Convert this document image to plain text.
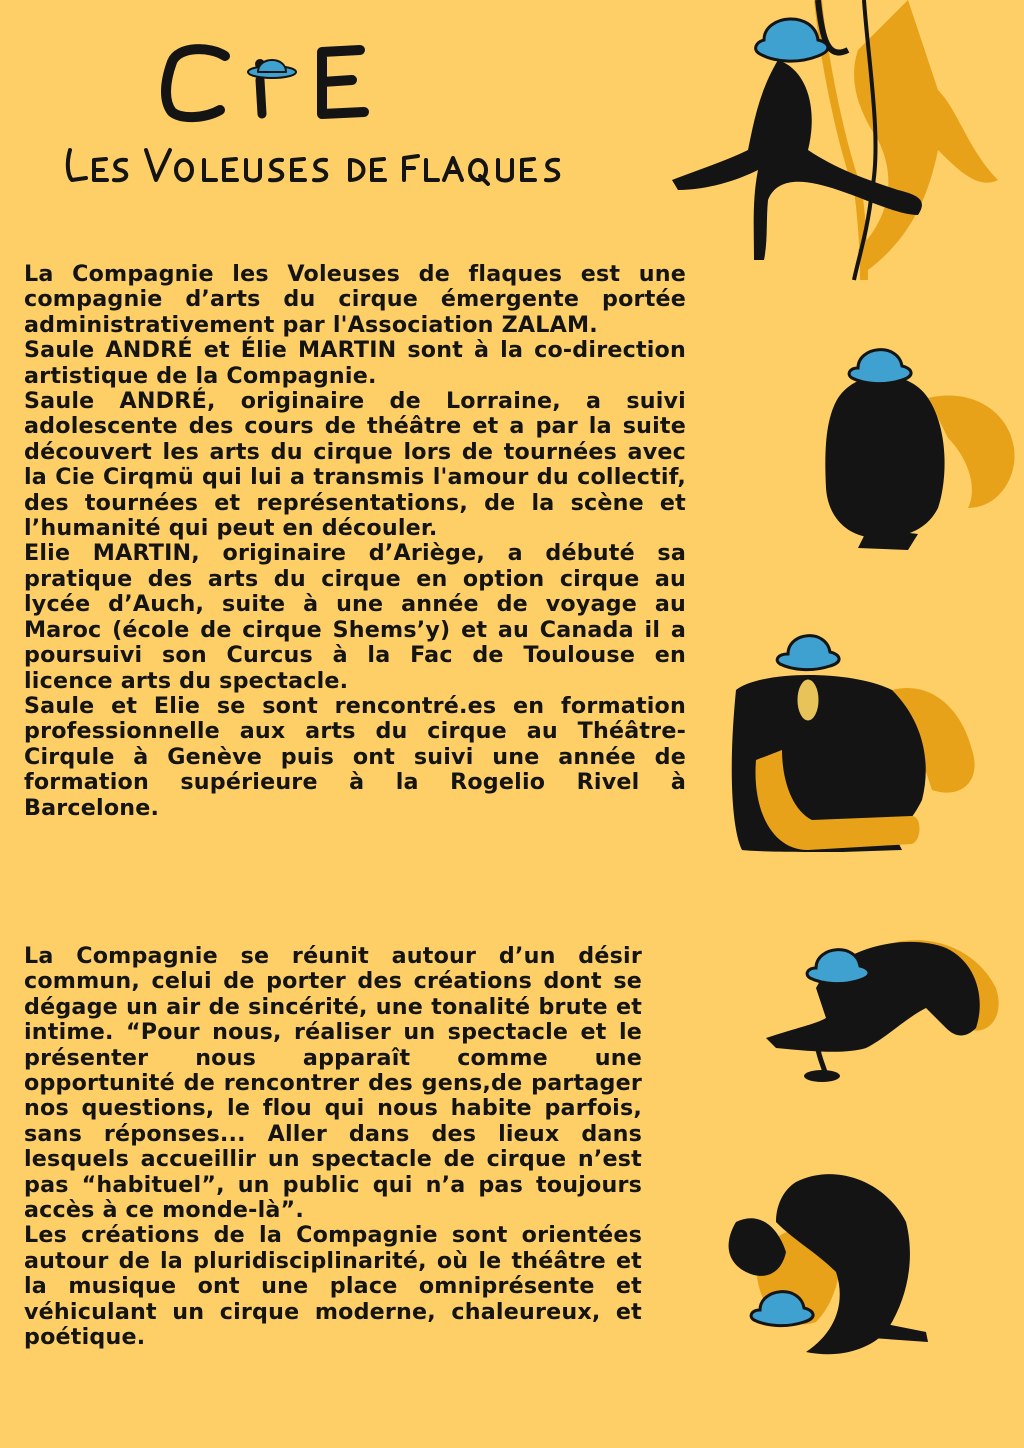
La Compagnie les Voleuses de flaques est une compagnie d’arts du cirque émergente portée administrativement par l'Association ZALAM.

Saule ANDRÉ et Élie MARTIN sont à la co-direction artistique de la Compagnie.

Saule ANDRÉ, originaire de Lorraine, a suivi adolescente des cours de théâtre et a par la suite découvert les arts du cirque lors de tournées avec la Cie Cirqmü qui lui a transmis l'amour du collectif, des tournées et représentations, de la scène et l’humanité qui peut en découler.

Elie MARTIN, originaire d’Ariège, a débuté sa pratique des arts du cirque en option cirque au lycée d’Auch, suite à une année de voyage au Maroc (école de cirque Shems’y) et au Canada il a poursuivi son Curcus à la Fac de Toulouse en licence arts du spectacle.

Saule et Elie se sont rencontré.es en formation professionnelle aux arts du cirque au Théâtre-Cirqule à Genève puis ont suivi une année de formation supérieure à la Rogelio Rivel à Barcelone.

La Compagnie se réunit autour d’un désir commun, celui de porter des créations dont se dégage un air de sincérité, une tonalité brute et intime. “Pour nous, réaliser un spectacle et le présenter nous apparaît comme une opportunité de rencontrer des gens,de partager nos questions, le flou qui nous habite parfois, sans réponses... Aller dans des lieux dans lesquels accueillir un spectacle de cirque n’est pas “habituel”, un public qui n’a pas toujours accès à ce monde-là”.

Les créations de la Compagnie sont orientées autour de la pluridisciplinarité, où le théâtre et la musique ont une place omniprésente et véhiculant un cirque moderne, chaleureux, et poétique.
